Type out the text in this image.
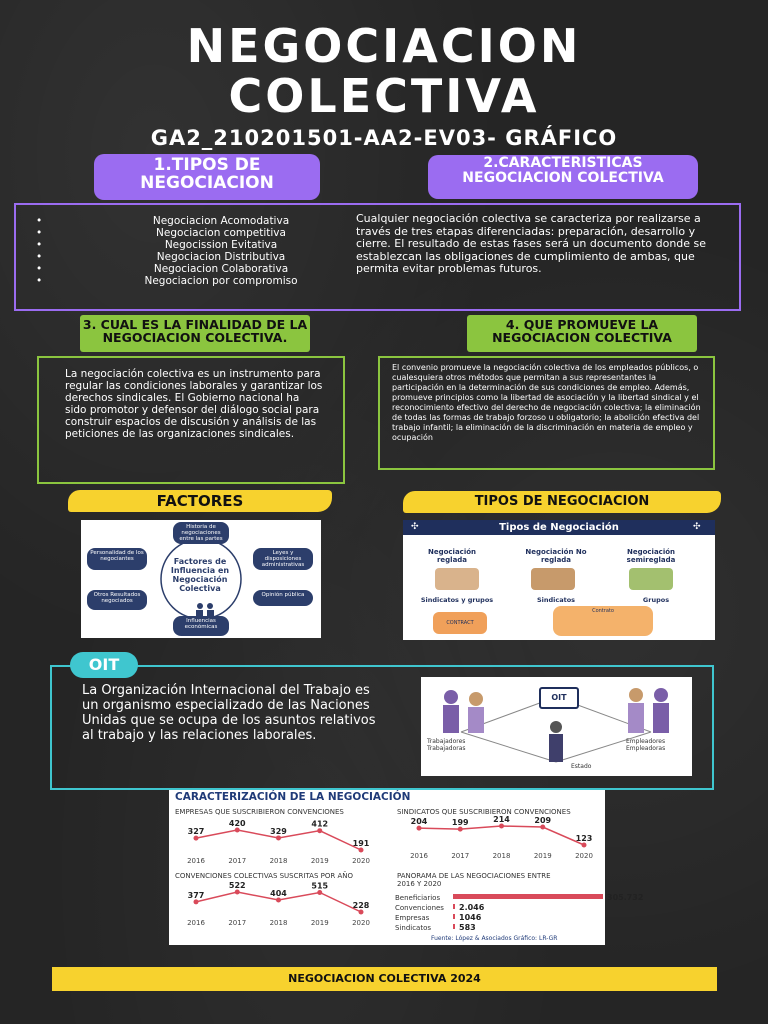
NEGOCIACION
COLECTIVA
GA2_210201501-AA2-EV03- GRÁFICO
1.TIPOS DE NEGOCIACION
2.CARACTERISTICAS NEGOCIACION COLECTIVA
• Negociacion Acomodativa
• Negociacion competitiva
• Negocission Evitativa
• Negociacion Distributiva
• Negociacion Colaborativa
• Negociacion por compromiso
Cualquier negociación colectiva se caracteriza por realizarse a través de tres etapas diferenciadas: preparación, desarrollo y cierre. El resultado de estas fases será un documento donde se establezcan las obligaciones de cumplimiento de ambas, que permita evitar problemas futuros.
3. CUAL ES LA FINALIDAD DE LA NEGOCIACION COLECTIVA.
4. QUE PROMUEVE LA NEGOCIACION COLECTIVA
La negociación colectiva es un instrumento para regular las condiciones laborales y garantizar los derechos sindicales. El Gobierno nacional ha sido promotor y defensor del diálogo social para construir espacios de discusión y análisis de las peticiones de las organizaciones sindicales.
El convenio promueve la negociación colectiva de los empleados públicos, o cualesquiera otros métodos que permitan a sus representantes la participación en la determinación de sus condiciones de empleo. Además, promueve principios como la libertad de asociación y la libertad sindical y el reconocimiento efectivo del derecho de negociación colectiva; la eliminación de todas las formas de trabajo forzoso u obligatorio; la abolición efectiva del trabajo infantil; la eliminación de la discriminación en materia de empleo y ocupación
FACTORES	TIPOS DE NEGOCIACION
Factores de Influencia en Negociación Colectiva
Historia de negociaciones entre las partes
Leyes y disposiciones administrativas
Opinión pública
Influencias económicas
Otros Resultados negociados
Personalidad de los negociantes
Tipos de Negociación
✣	✣
Negociación reglada
Negociación No reglada
Negociación semireglada
Sindicatos y grupos	Sindicatos	Grupos
CONTRACT
Contrato
OIT
La Organización Internacional del Trabajo es un organismo especializado de las Naciones Unidas que se ocupa de los asuntos relativos al trabajo y las relaciones laborales.
OIT
Trabajadores Trabajadoras
Empleadores Empleadoras
Estado
CARACTERIZACIÓN DE LA NEGOCIACIÓN
EMPRESAS QUE SUSCRIBIERON CONVENCIONES	SINDICATOS QUE SUSCRIBIERON CONVENCIONES
CONVENCIONES COLECTIVAS SUSCRITAS POR AÑO	PANORAMA DE LAS NEGOCIACIONES ENTRE 2016 Y 2020
327
2016
420
2017
329
2018
412
2019
191
2020
204
2016
199
2017
214
2018
209
2019
123
2020
377
2016
522
2017
404
2018
515
2019
228
2020
Beneficiarios	305.732
Convenciones 2.046
Empresas	1046
Sindicatos	583
Fuente: López & Asociados Gráfico: LR-GR
NEGOCIACION COLECTIVA 2024
